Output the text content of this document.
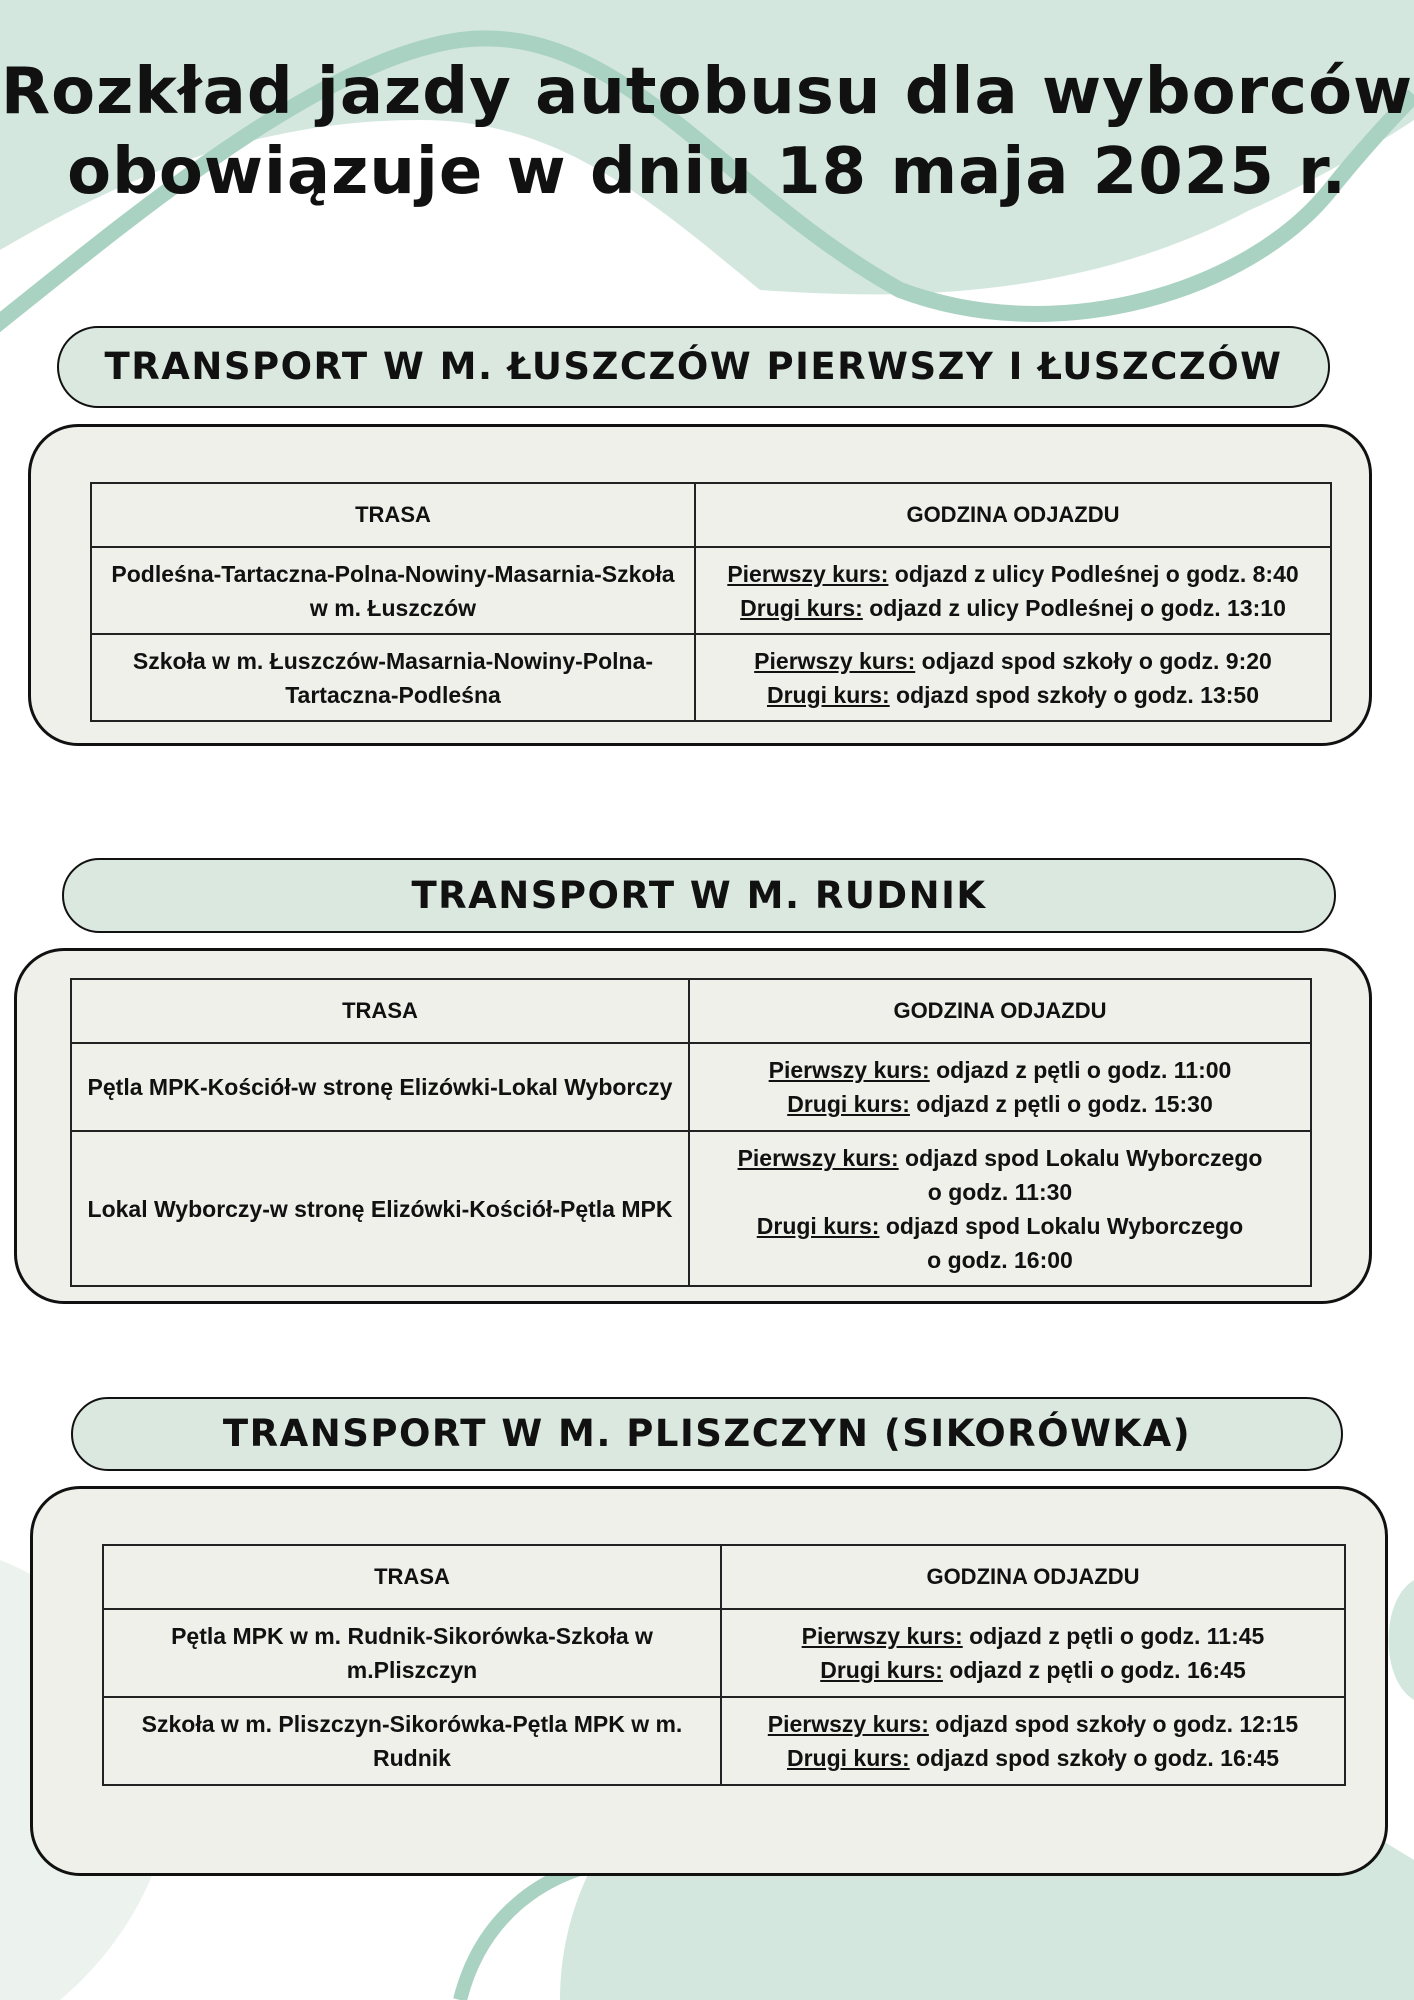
Rozkład jazdy autobusu dla wyborców
obowiązuje w dniu 18 maja 2025 r.
TRANSPORT W M. ŁUSZCZÓW PIERWSZY I ŁUSZCZÓW
TRASA	GODZINA ODJAZDU
Podleśna-Tartaczna-Polna-Nowiny-Masarnia-Szkoła w m. Łuszczów	Pierwszy kurs: odjazd z ulicy Podleśnej o godz. 8:40
Drugi kurs: odjazd z ulicy Podleśnej o godz. 13:10

Szkoła w m. Łuszczów-Masarnia-Nowiny-Polna-Tartaczna-Podleśna	Pierwszy kurs: odjazd spod szkoły o godz. 9:20
Drugi kurs: odjazd spod szkoły o godz. 13:50
TRANSPORT W M. RUDNIK
TRASA	GODZINA ODJAZDU
Pętla MPK-Kościół-w stronę Elizówki-Lokal Wyborczy	Pierwszy kurs: odjazd z pętli o godz. 11:00
Drugi kurs: odjazd z pętli o godz. 15:30

Lokal Wyborczy-w stronę Elizówki-Kościół-Pętla MPK	Pierwszy kurs: odjazd spod Lokalu Wyborczego
o godz. 11:30
Drugi kurs: odjazd spod Lokalu Wyborczego
o godz. 16:00
TRANSPORT W M. PLISZCZYN (SIKORÓWKA)
TRASA	GODZINA ODJAZDU
Pętla MPK w m. Rudnik-Sikorówka-Szkoła w m.Pliszczyn	Pierwszy kurs: odjazd z pętli o godz. 11:45
Drugi kurs: odjazd z pętli o godz. 16:45

Szkoła w m. Pliszczyn-Sikorówka-Pętla MPK w m. Rudnik	Pierwszy kurs: odjazd spod szkoły o godz. 12:15
Drugi kurs: odjazd spod szkoły o godz. 16:45
